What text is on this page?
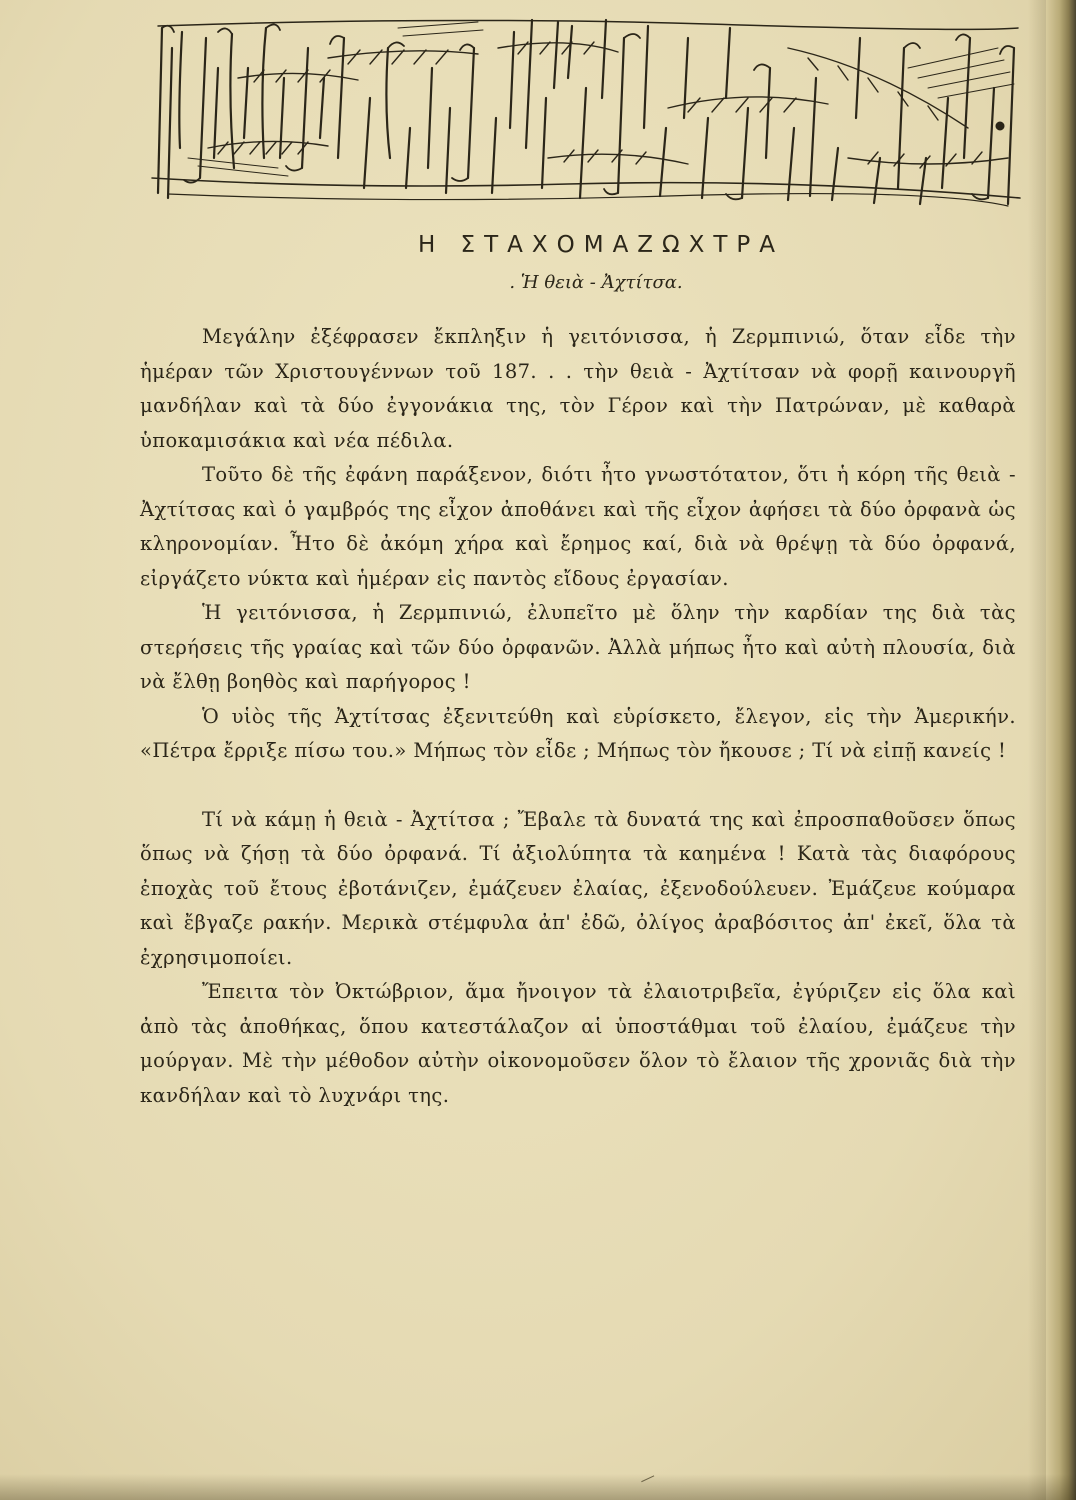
Η ΣΤΑΧΟΜΑΖΩΧΤΡΑ
. Ἡ θειὰ - Ἀχτίτσα.

Μεγάλην ἐξέφρασεν ἔκπληξιν ἡ γειτόνισσα, ἡ Ζερμπινιώ, ὅταν εἶδε τὴν ἡμέραν τῶν Χριστουγέννων τοῦ 187. . . τὴν θειὰ - Ἀχτίτσαν νὰ φορῇ καινουργῆ μανδήλαν καὶ τὰ δύο ἐγγονάκια της, τὸν Γέρον καὶ τὴν Πατρώναν, μὲ καθαρὰ ὑποκαμισάκια καὶ νέα πέδιλα.

Τοῦτο δὲ τῆς ἐφάνη παράξενον, διότι ἦτο γνωστότατον, ὅτι ἡ κόρη τῆς θειὰ - Ἀχτίτσας καὶ ὁ γαμβρός της εἶχον ἀποθάνει καὶ τῆς εἶχον ἀφήσει τὰ δύο ὀρφανὰ ὡς κληρονομίαν. Ἦτο δὲ ἀκόμη χήρα καὶ ἔρημος καί, διὰ νὰ θρέψῃ τὰ δύο ὀρφανά, εἰργάζετο νύκτα καὶ ἡμέραν εἰς παντὸς εἴδους ἐργασίαν.

Ἡ γειτόνισσα, ἡ Ζερμπινιώ, ἐλυπεῖτο μὲ ὅλην τὴν καρδίαν της διὰ τὰς στερήσεις τῆς γραίας καὶ τῶν δύο ὀρφανῶν. Ἀλλὰ μήπως ἦτο καὶ αὐτὴ πλουσία, διὰ νὰ ἔλθῃ βοηθὸς καὶ παρήγορος !

Ὁ υἱὸς τῆς Ἀχτίτσας ἐξενιτεύθη καὶ εὑρίσκετο, ἔλεγον, εἰς τὴν Ἀμερικήν. «Πέτρα ἔρριξε πίσω του.» Μήπως τὸν εἶδε ; Μήπως τὸν ἤκουσε ; Τί νὰ εἰπῇ κανείς !

Τί νὰ κάμῃ ἡ θειὰ - Ἀχτίτσα ; Ἔβαλε τὰ δυνατά της καὶ ἐπροσπαθοῦσεν ὅπως ὅπως νὰ ζήσῃ τὰ δύο ὀρφανά. Τί ἀξιολύπητα τὰ καημένα ! Κατὰ τὰς διαφόρους ἐποχὰς τοῦ ἔτους ἐβοτάνιζεν, ἐμάζευεν ἐλαίας, ἐξενοδούλευεν. Ἐμάζευε κούμαρα καὶ ἔβγαζε ρακήν. Μερικὰ στέμφυλα ἀπ' ἐδῶ, ὀλίγος ἀραβόσιτος ἀπ' ἐκεῖ, ὅλα τὰ ἐχρησιμοποίει.

Ἔπειτα τὸν Ὀκτώβριον, ἅμα ἤνοιγον τὰ ἐλαιοτριβεῖα, ἐγύριζεν εἰς ὅλα καὶ ἀπὸ τὰς ἀποθήκας, ὅπου κατεστάλαζον αἱ ὑποστάθμαι τοῦ ἐλαίου, ἐμάζευε τὴν μούργαν. Μὲ τὴν μέθοδον αὐτὴν οἰκονομοῦσεν ὅλον τὸ ἔλαιον τῆς χρονιᾶς διὰ τὴν κανδήλαν καὶ τὸ λυχνάρι της.
